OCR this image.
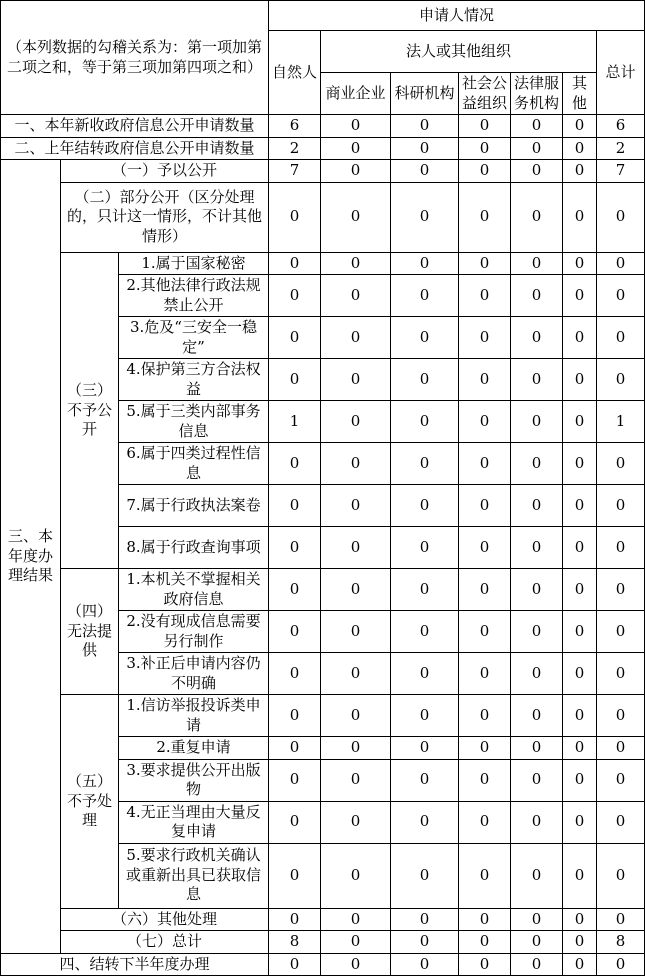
（本列数据的勾稽关系为：第一项加第二项之和，等于第三项加第四项之和）			申请人情况						
			自然人	法人或其他组织					总计
				商业企业	科研机构	社会公益组织	法律服务机构	其他	
一、本年新收政府信息公开申请数量			6	0	0	0	0	0	6
二、上年结转政府信息公开申请数量			2	0	0	0	0	0	2
三、本年度办理结果	（一）予以公开		7	0	0	0	0	0	7
	（二）部分公开（区分处理的，只计这一情形，不计其他情形）		0	0	0	0	0	0	0
	（三）不予公开	1.属于国家秘密	0	0	0	0	0	0	0
		2.其他法律行政法规禁止公开	0	0	0	0	0	0	0
		3.危及“三安全一稳定”	0	0	0	0	0	0	0
		4.保护第三方合法权益	0	0	0	0	0	0	0
		5.属于三类内部事务信息	1	0	0	0	0	0	1
		6.属于四类过程性信息	0	0	0	0	0	0	0
		7.属于行政执法案卷	0	0	0	0	0	0	0
		8.属于行政查询事项	0	0	0	0	0	0	0
	（四）无法提供	1.本机关不掌握相关政府信息	0	0	0	0	0	0	0
		2.没有现成信息需要另行制作	0	0	0	0	0	0	0
		3.补正后申请内容仍不明确	0	0	0	0	0	0	0
	（五）不予处理	1.信访举报投诉类申请	0	0	0	0	0	0	0
		2.重复申请	0	0	0	0	0	0	0
		3.要求提供公开出版物	0	0	0	0	0	0	0
		4.无正当理由大量反复申请	0	0	0	0	0	0	0
		5.要求行政机关确认或重新出具已获取信息	0	0	0	0	0	0	0
	（六）其他处理		0	0	0	0	0	0	0
	（七）总计		8	0	0	0	0	0	8
四、结转下半年度办理			0	0	0	0	0	0	0
